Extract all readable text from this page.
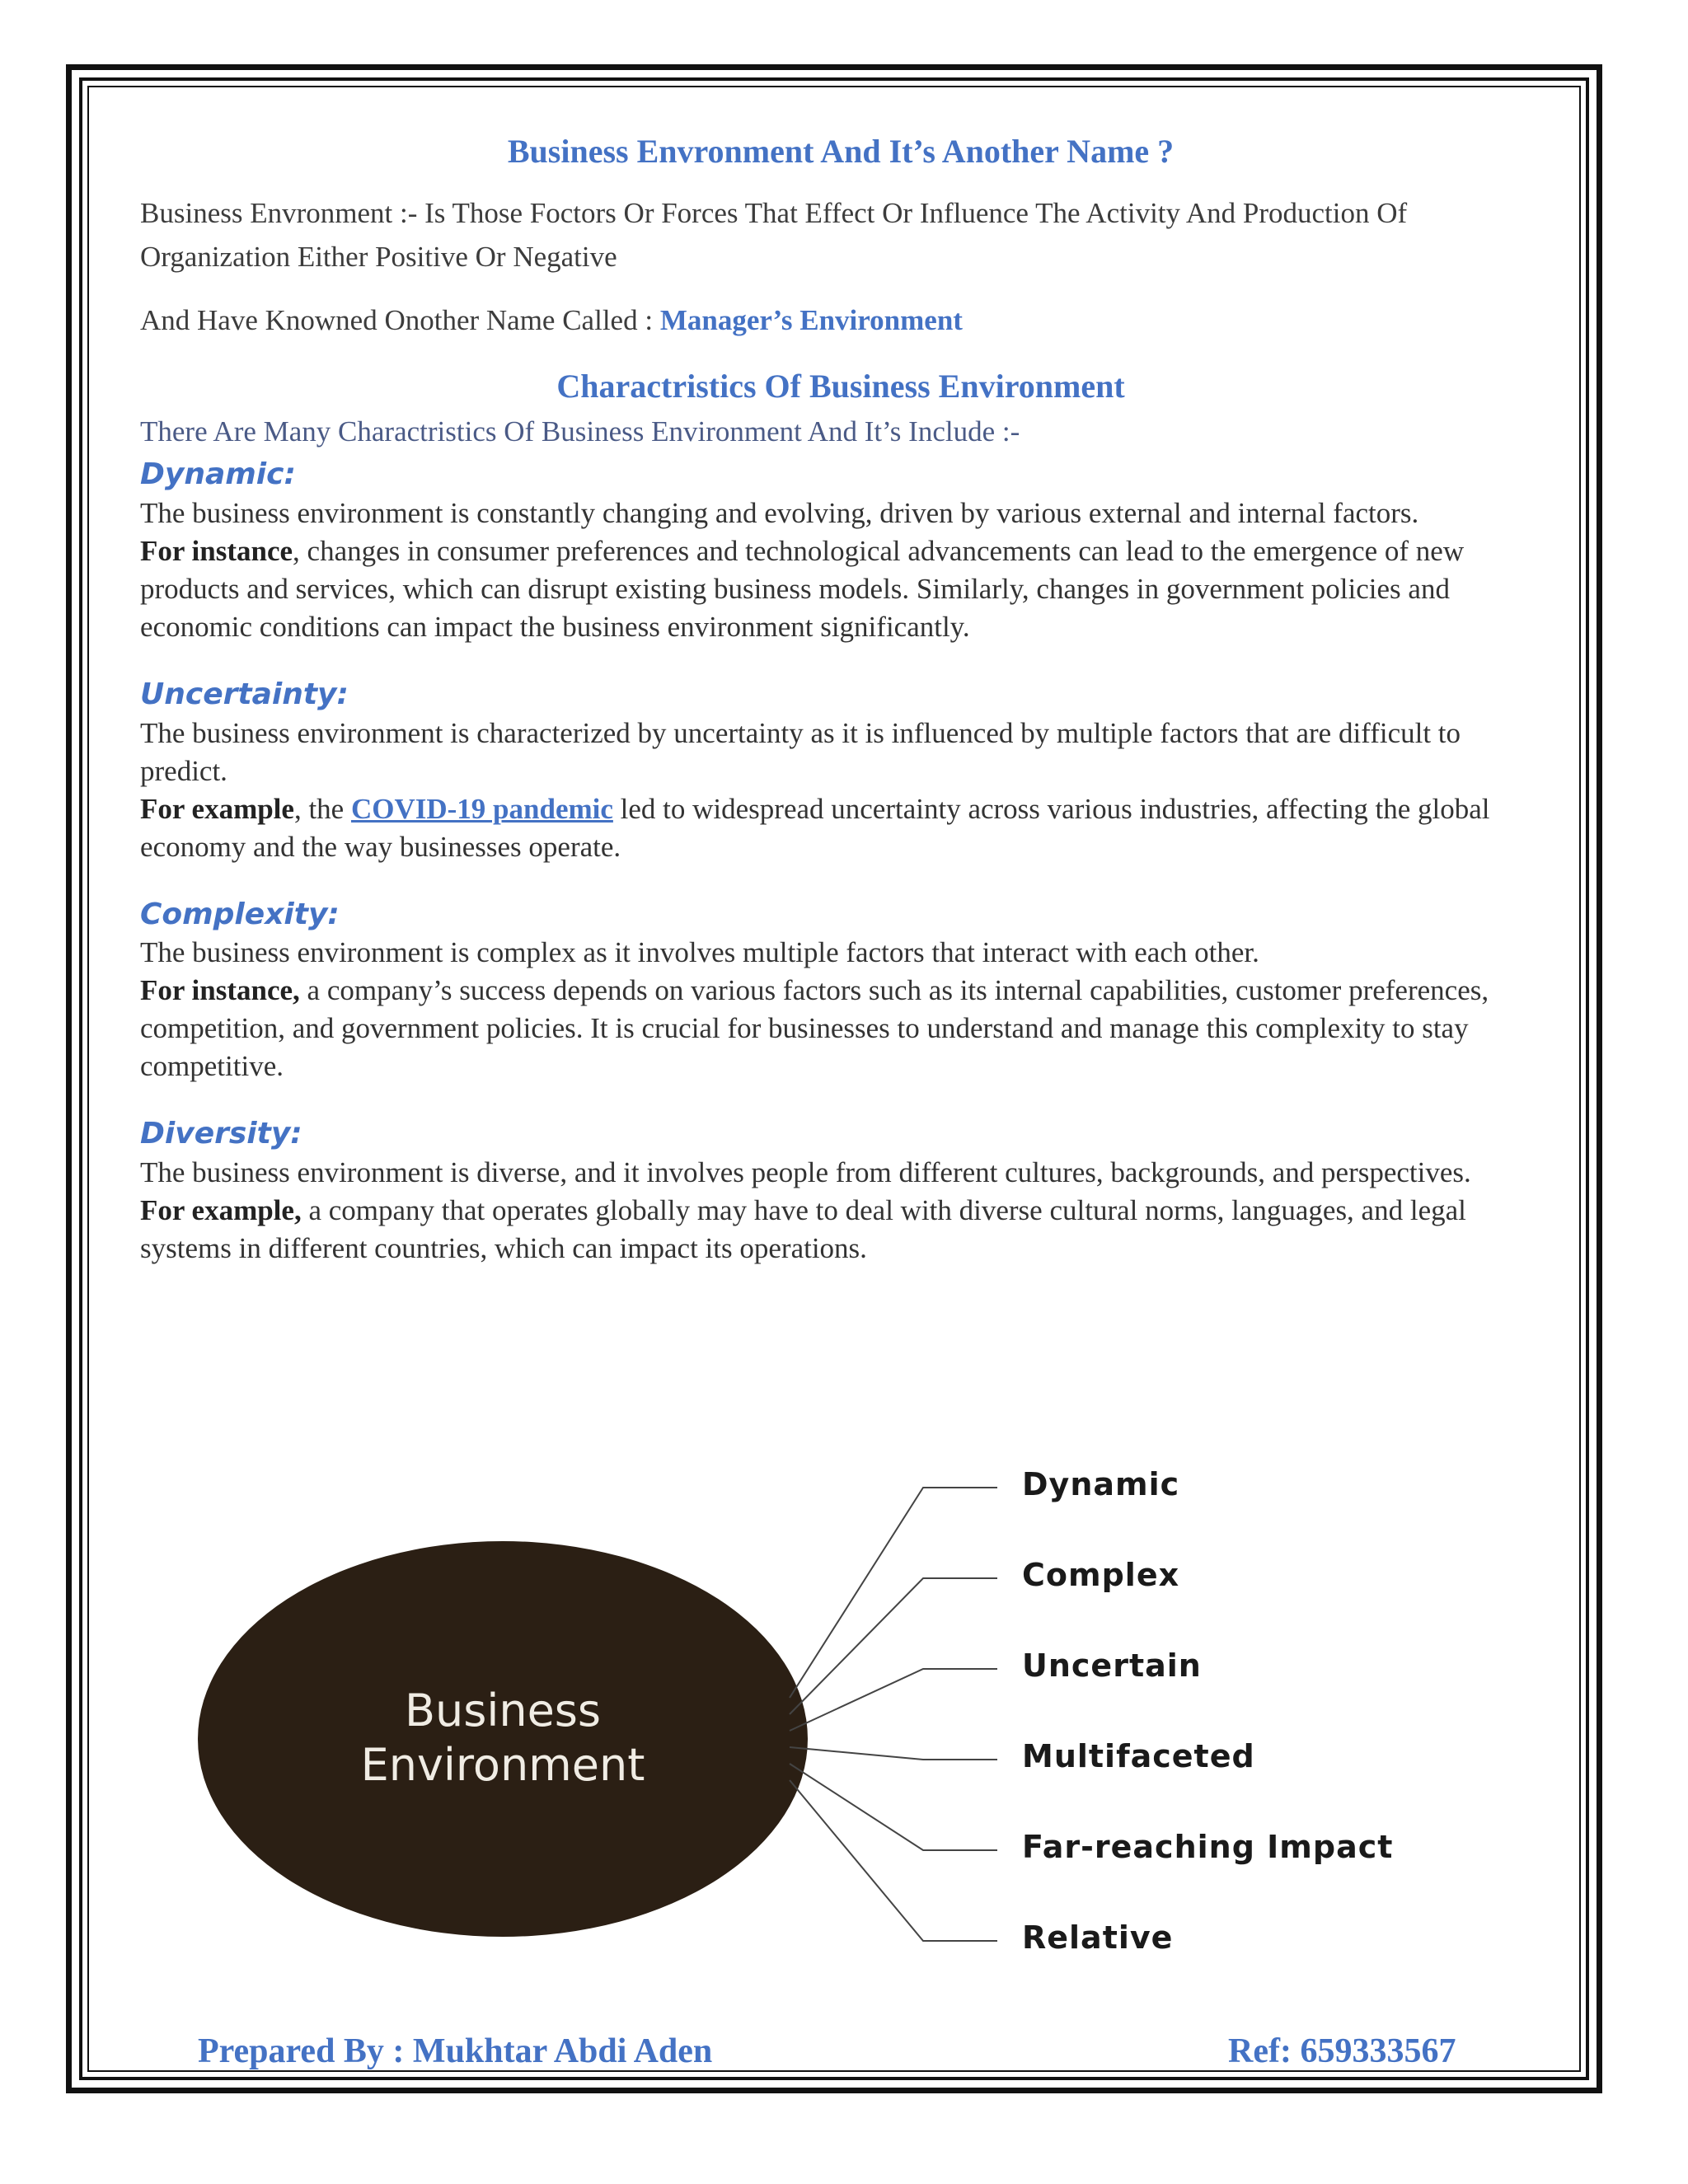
Business Envronment And It’s Another Name ?

Business Envronment :- Is Those Foctors Or Forces That Effect Or Influence The Activity And Production Of Organization Either Positive Or Negative

And Have Knowned Onother Name Called : Manager’s Environment

Charactristics Of Business Environment

There Are Many Charactristics Of Business Environment And It’s Include :-

Dynamic:

The business environment is constantly changing and evolving, driven by various external and internal factors.
For instance, changes in consumer preferences and technological advancements can lead to the emergence of new products and services, which can disrupt existing business models. Similarly, changes in government policies and economic conditions can impact the business environment significantly.

Uncertainty:

The business environment is characterized by uncertainty as it is influenced by multiple factors that are difficult to predict.
For example, the COVID-19 pandemic led to widespread uncertainty across various industries, affecting the global economy and the way businesses operate.

Complexity:

The business environment is complex as it involves multiple factors that interact with each other.
For instance, a company’s success depends on various factors such as its internal capabilities, customer preferences, competition, and government policies. It is crucial for businesses to understand and manage this complexity to stay competitive.

Diversity:

The business environment is diverse, and it involves people from different cultures, backgrounds, and perspectives.
For example, a company that operates globally may have to deal with diverse cultural norms, languages, and legal systems in different countries, which can impact its operations.

Business
Environment
Dynamic
Complex
Uncertain
Multifaceted
Far-reaching Impact
Relative
Prepared By : Mukhtar Abdi Aden	Ref: 659333567
